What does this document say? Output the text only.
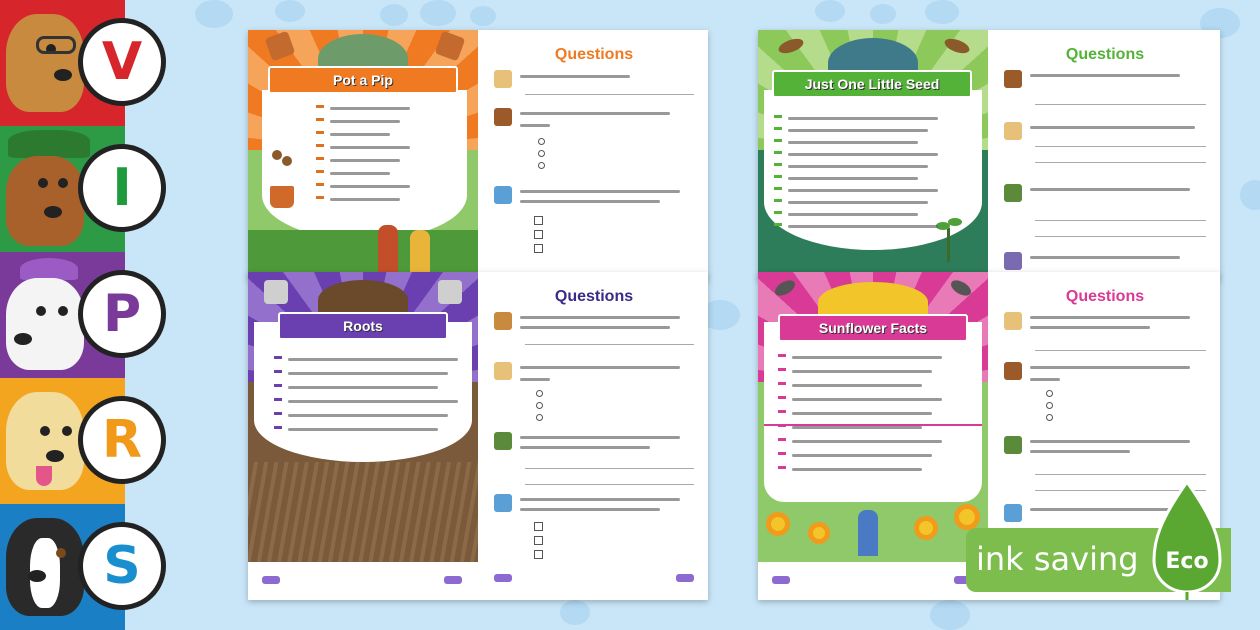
V
I
P
R
S
Pot a Pip
Questions
Just One Little Seed
Questions
Roots
Questions
Sunflower Facts
Questions
ink saving Eco
